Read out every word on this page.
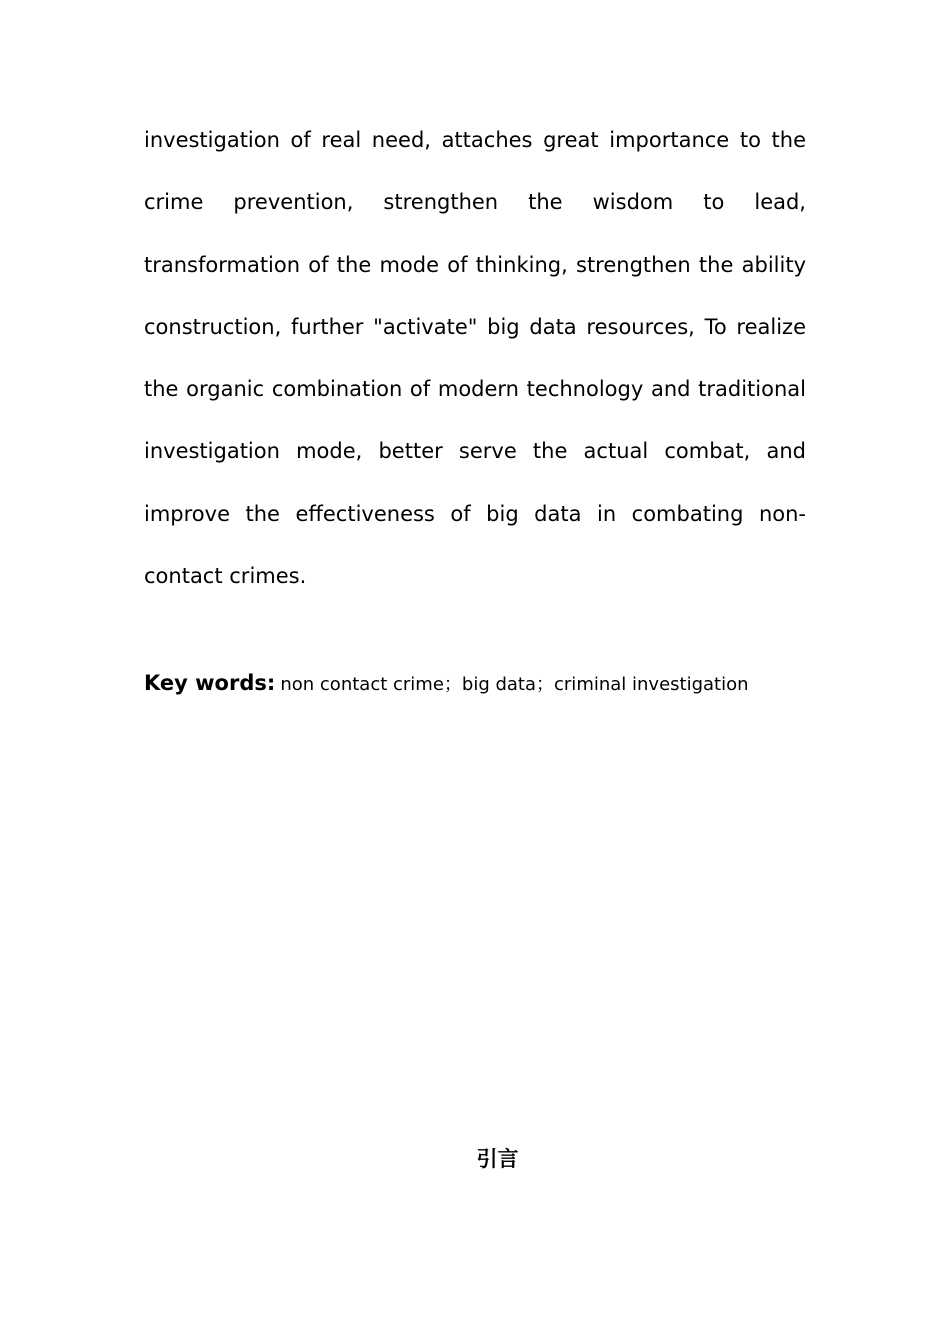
investigation of real need, attaches great importance to the
crime prevention, strengthen the wisdom to lead,
transformation of the mode of thinking, strengthen the ability
construction, further "activate" big data resources, To realize
the organic combination of modern technology and traditional
investigation mode, better serve the actual combat, and
improve the effectiveness of big data in combating non-
contact crimes.
Key words: non contact crime；big data；criminal investigation
引言
